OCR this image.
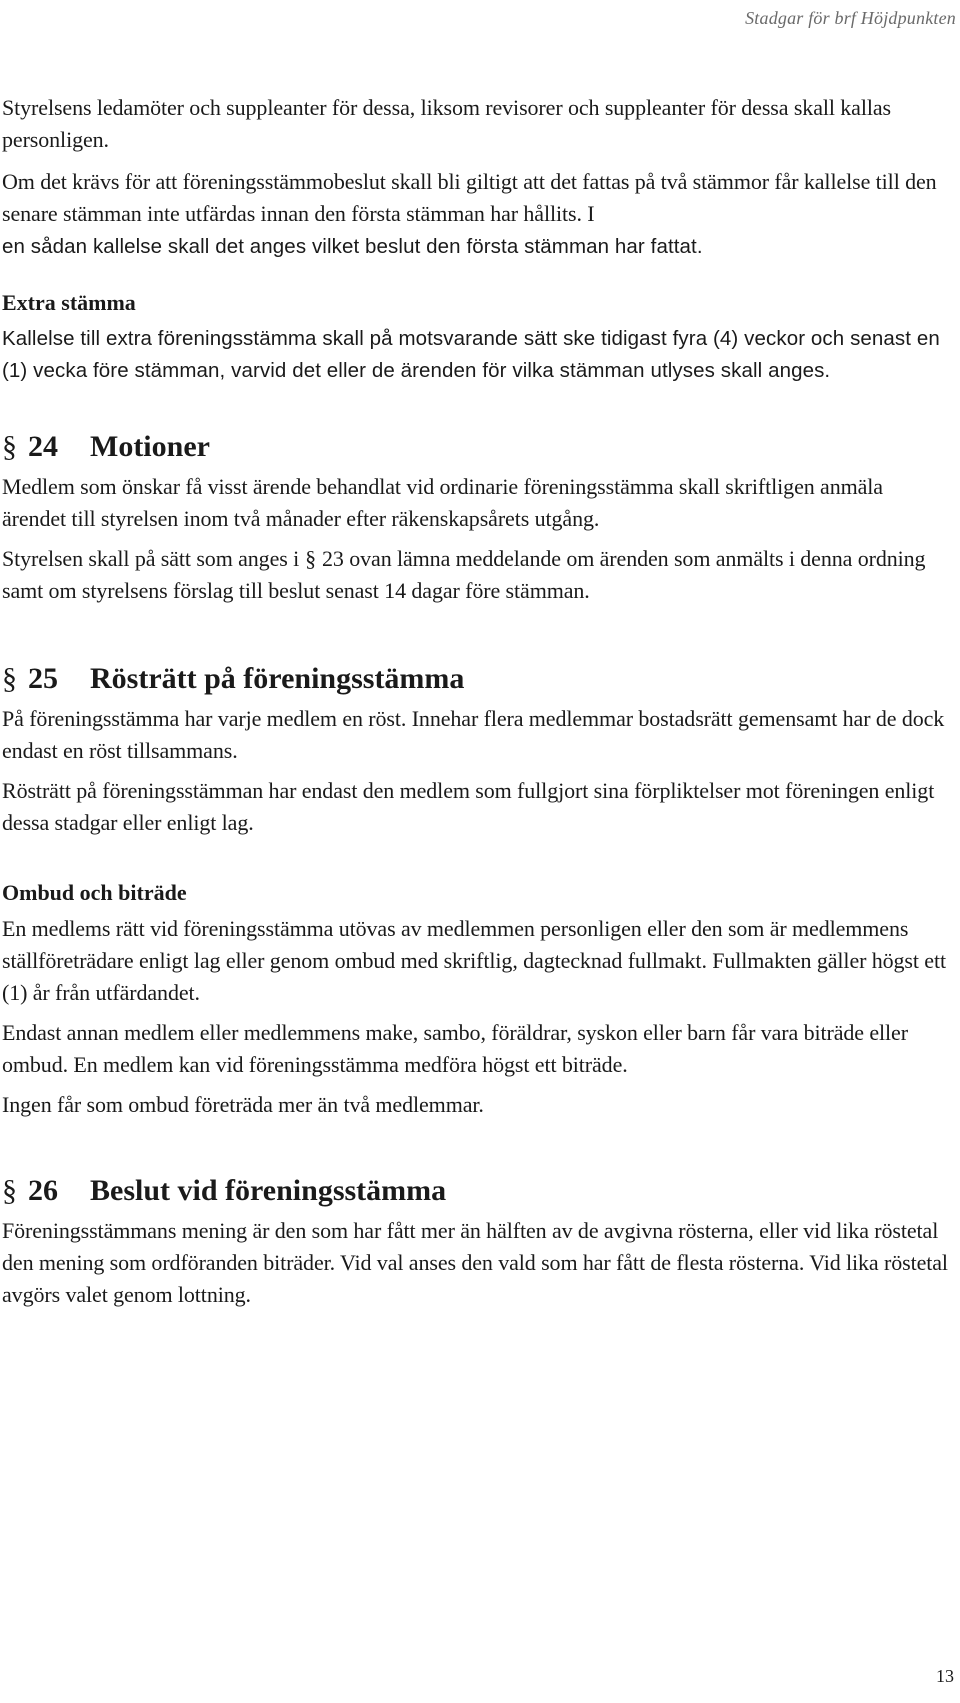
Stadgar för brf Höjdpunkten

Styrelsens ledamöter och suppleanter för dessa, liksom revisorer och suppleanter för dessa skall kallas personligen.

Om det krävs för att föreningsstämmobeslut skall bli giltigt att det fattas på två stämmor får kallelse till den senare stämman inte utfärdas innan den första stämman har hållits. I
en sådan kallelse skall det anges vilket beslut den första stämman har fattat.

Extra stämma

Kallelse till extra föreningsstämma skall på motsvarande sätt ske tidigast fyra (4) veckor och senast en (1) vecka före stämman, varvid det eller de ärenden för vilka stämman utlyses skall anges.

§ 24	Motioner

Medlem som önskar få visst ärende behandlat vid ordinarie föreningsstämma skall skriftligen anmäla ärendet till styrelsen inom två månader efter räkenskapsårets utgång.

Styrelsen skall på sätt som anges i § 23 ovan lämna meddelande om ärenden som anmälts i denna ordning samt om styrelsens förslag till beslut senast 14 dagar före stämman.

§ 25	Rösträtt på föreningsstämma

På föreningsstämma har varje medlem en röst. Innehar flera medlemmar bostadsrätt gemensamt har de dock endast en röst tillsammans.

Rösträtt på föreningsstämman har endast den medlem som fullgjort sina förpliktelser mot föreningen enligt dessa stadgar eller enligt lag.

Ombud och biträde

En medlems rätt vid föreningsstämma utövas av medlemmen personligen eller den som är medlemmens ställföreträdare enligt lag eller genom ombud med skriftlig, dagtecknad fullmakt. Fullmakten gäller högst ett (1) år från utfärdandet.

Endast annan medlem eller medlemmens make, sambo, föräldrar, syskon eller barn får vara biträde eller ombud. En medlem kan vid föreningsstämma medföra högst ett biträde.

Ingen får som ombud företräda mer än två medlemmar.

§ 26	Beslut vid föreningsstämma

Föreningsstämmans mening är den som har fått mer än hälften av de avgivna rösterna, eller vid lika röstetal den mening som ordföranden biträder. Vid val anses den vald som har fått de flesta rösterna. Vid lika röstetal avgörs valet genom lottning.

13
